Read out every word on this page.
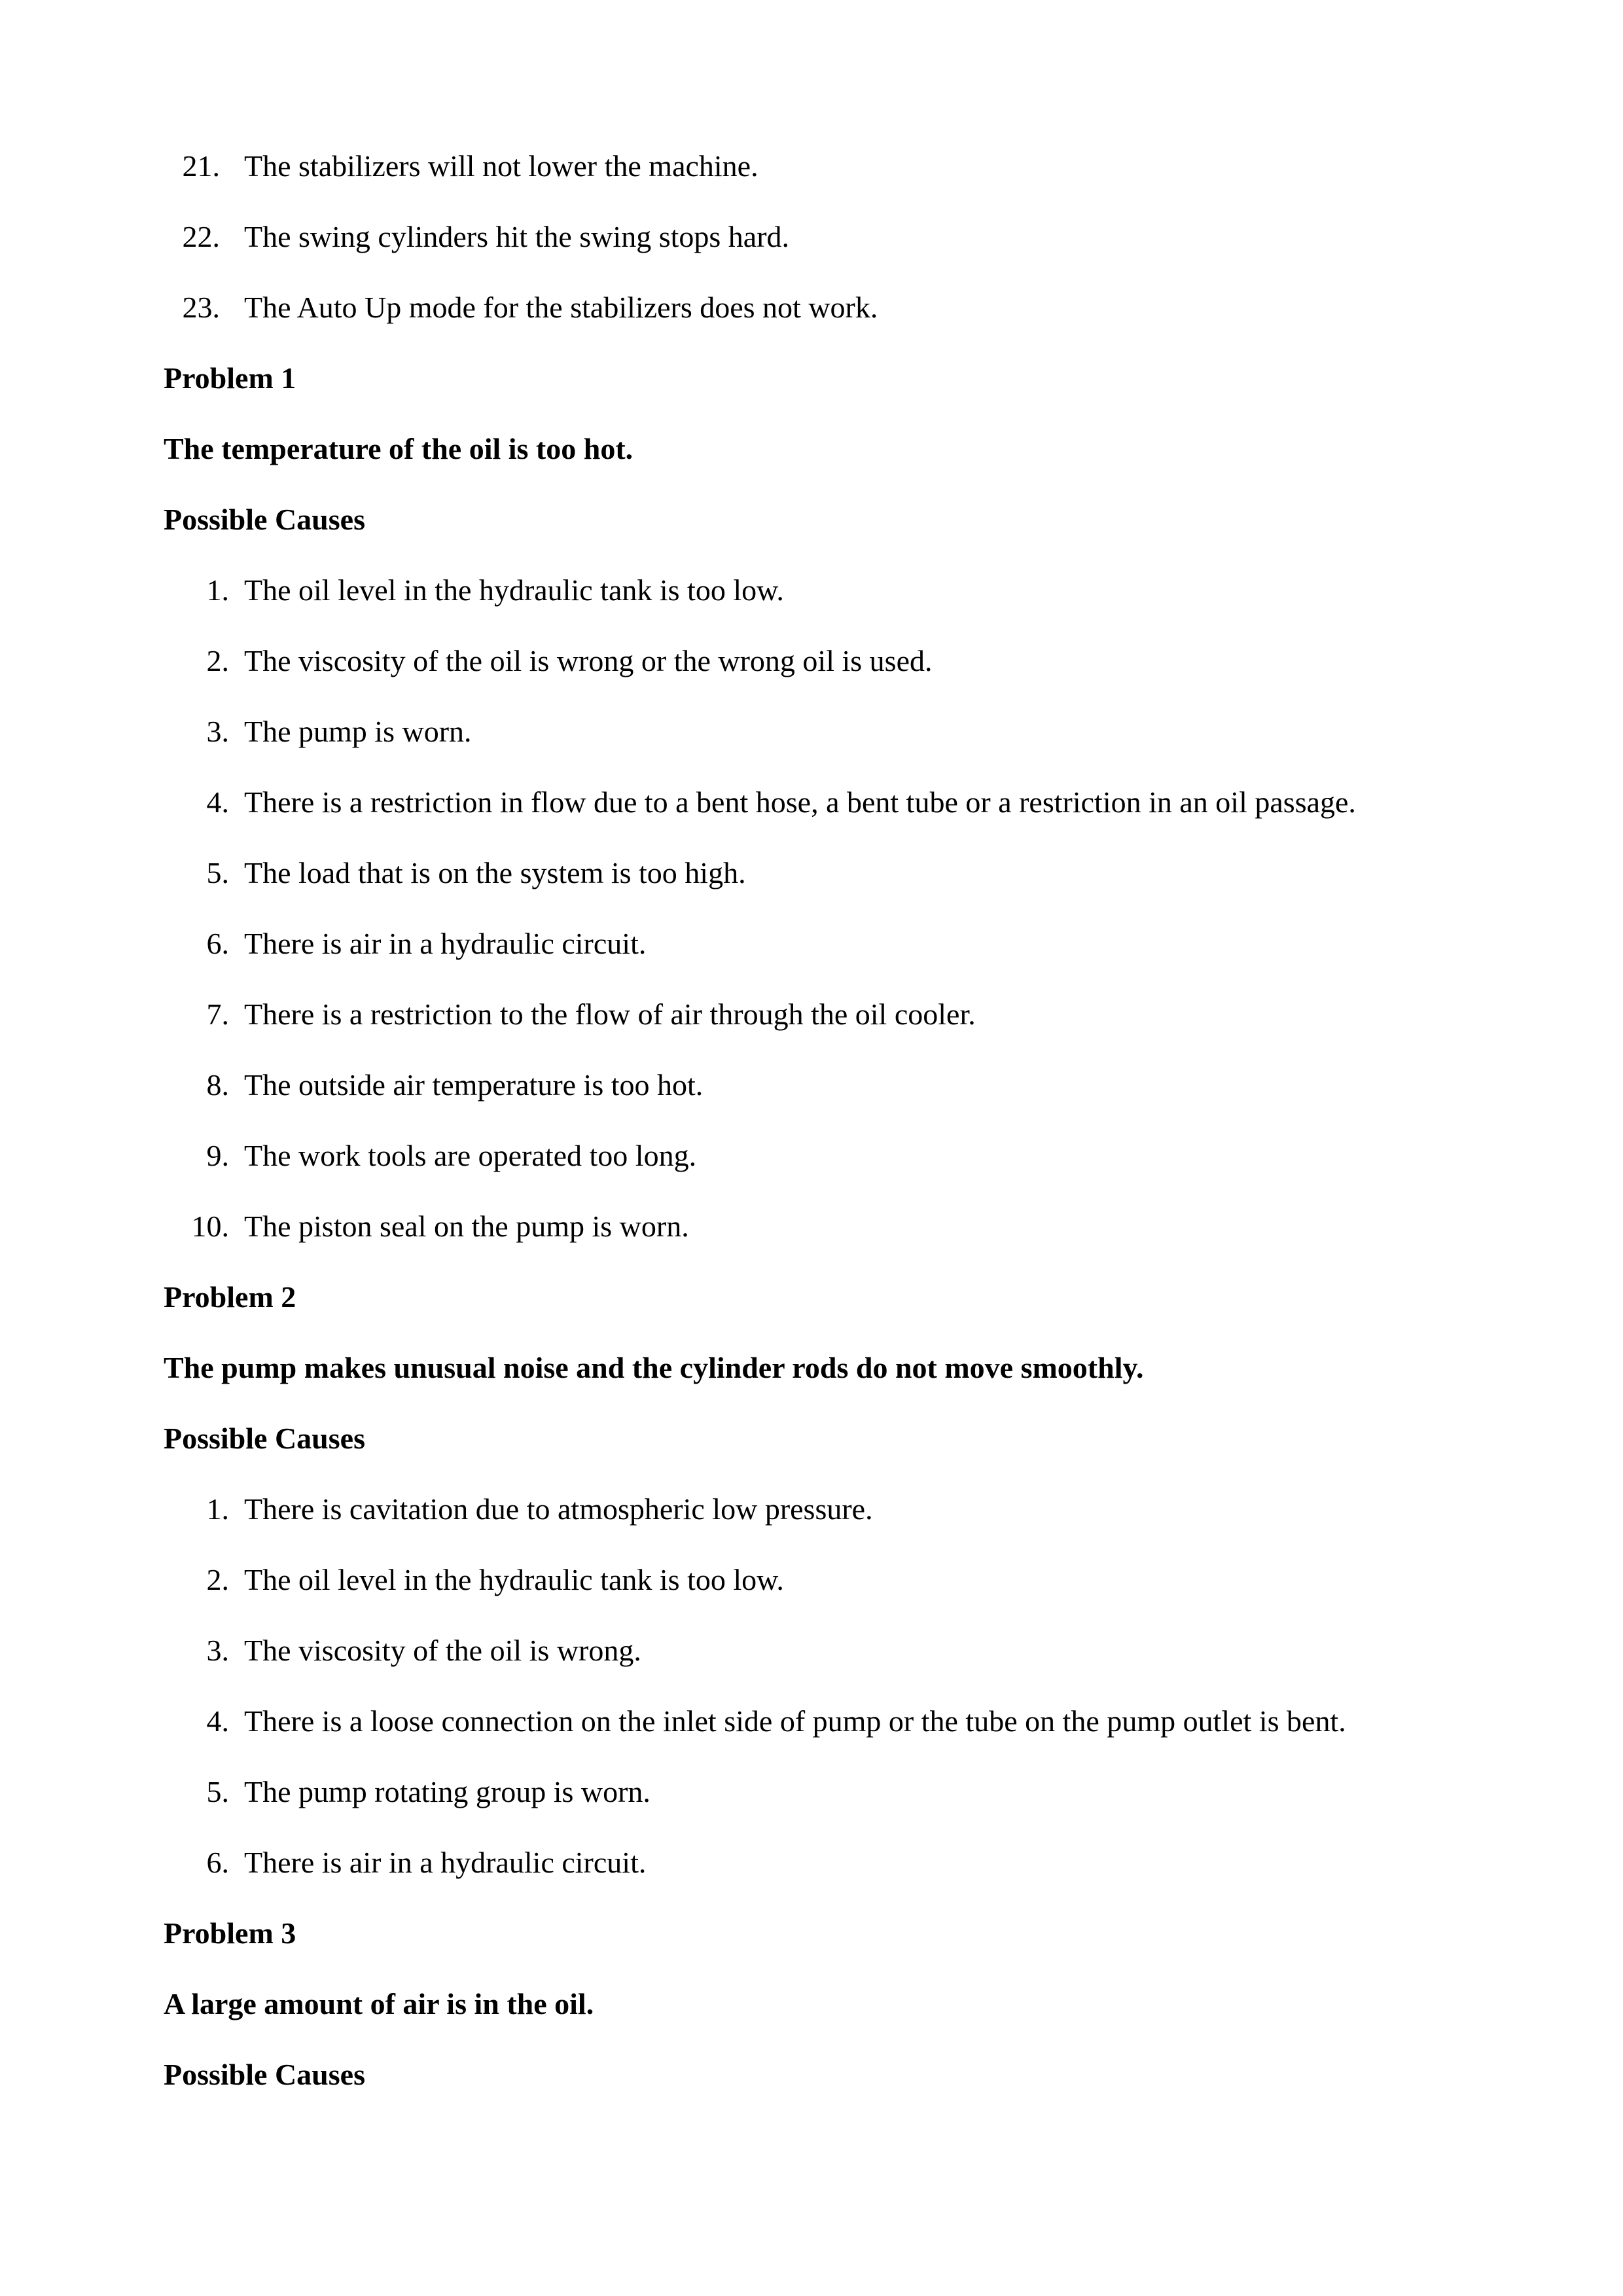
21. The stabilizers will not lower the machine.
22. The swing cylinders hit the swing stops hard.
23. The Auto Up mode for the stabilizers does not work.
Problem 1
The temperature of the oil is too hot.
Possible Causes
1. The oil level in the hydraulic tank is too low.
2. The viscosity of the oil is wrong or the wrong oil is used.
3. The pump is worn.
4. There is a restriction in flow due to a bent hose, a bent tube or a restriction in an oil passage.
5. The load that is on the system is too high.
6. There is air in a hydraulic circuit.
7. There is a restriction to the flow of air through the oil cooler.
8. The outside air temperature is too hot.
9. The work tools are operated too long.
10. The piston seal on the pump is worn.
Problem 2
The pump makes unusual noise and the cylinder rods do not move smoothly.
Possible Causes
1. There is cavitation due to atmospheric low pressure.
2. The oil level in the hydraulic tank is too low.
3. The viscosity of the oil is wrong.
4. There is a loose connection on the inlet side of pump or the tube on the pump outlet is bent.
5. The pump rotating group is worn.
6. There is air in a hydraulic circuit.
Problem 3
A large amount of air is in the oil.
Possible Causes
